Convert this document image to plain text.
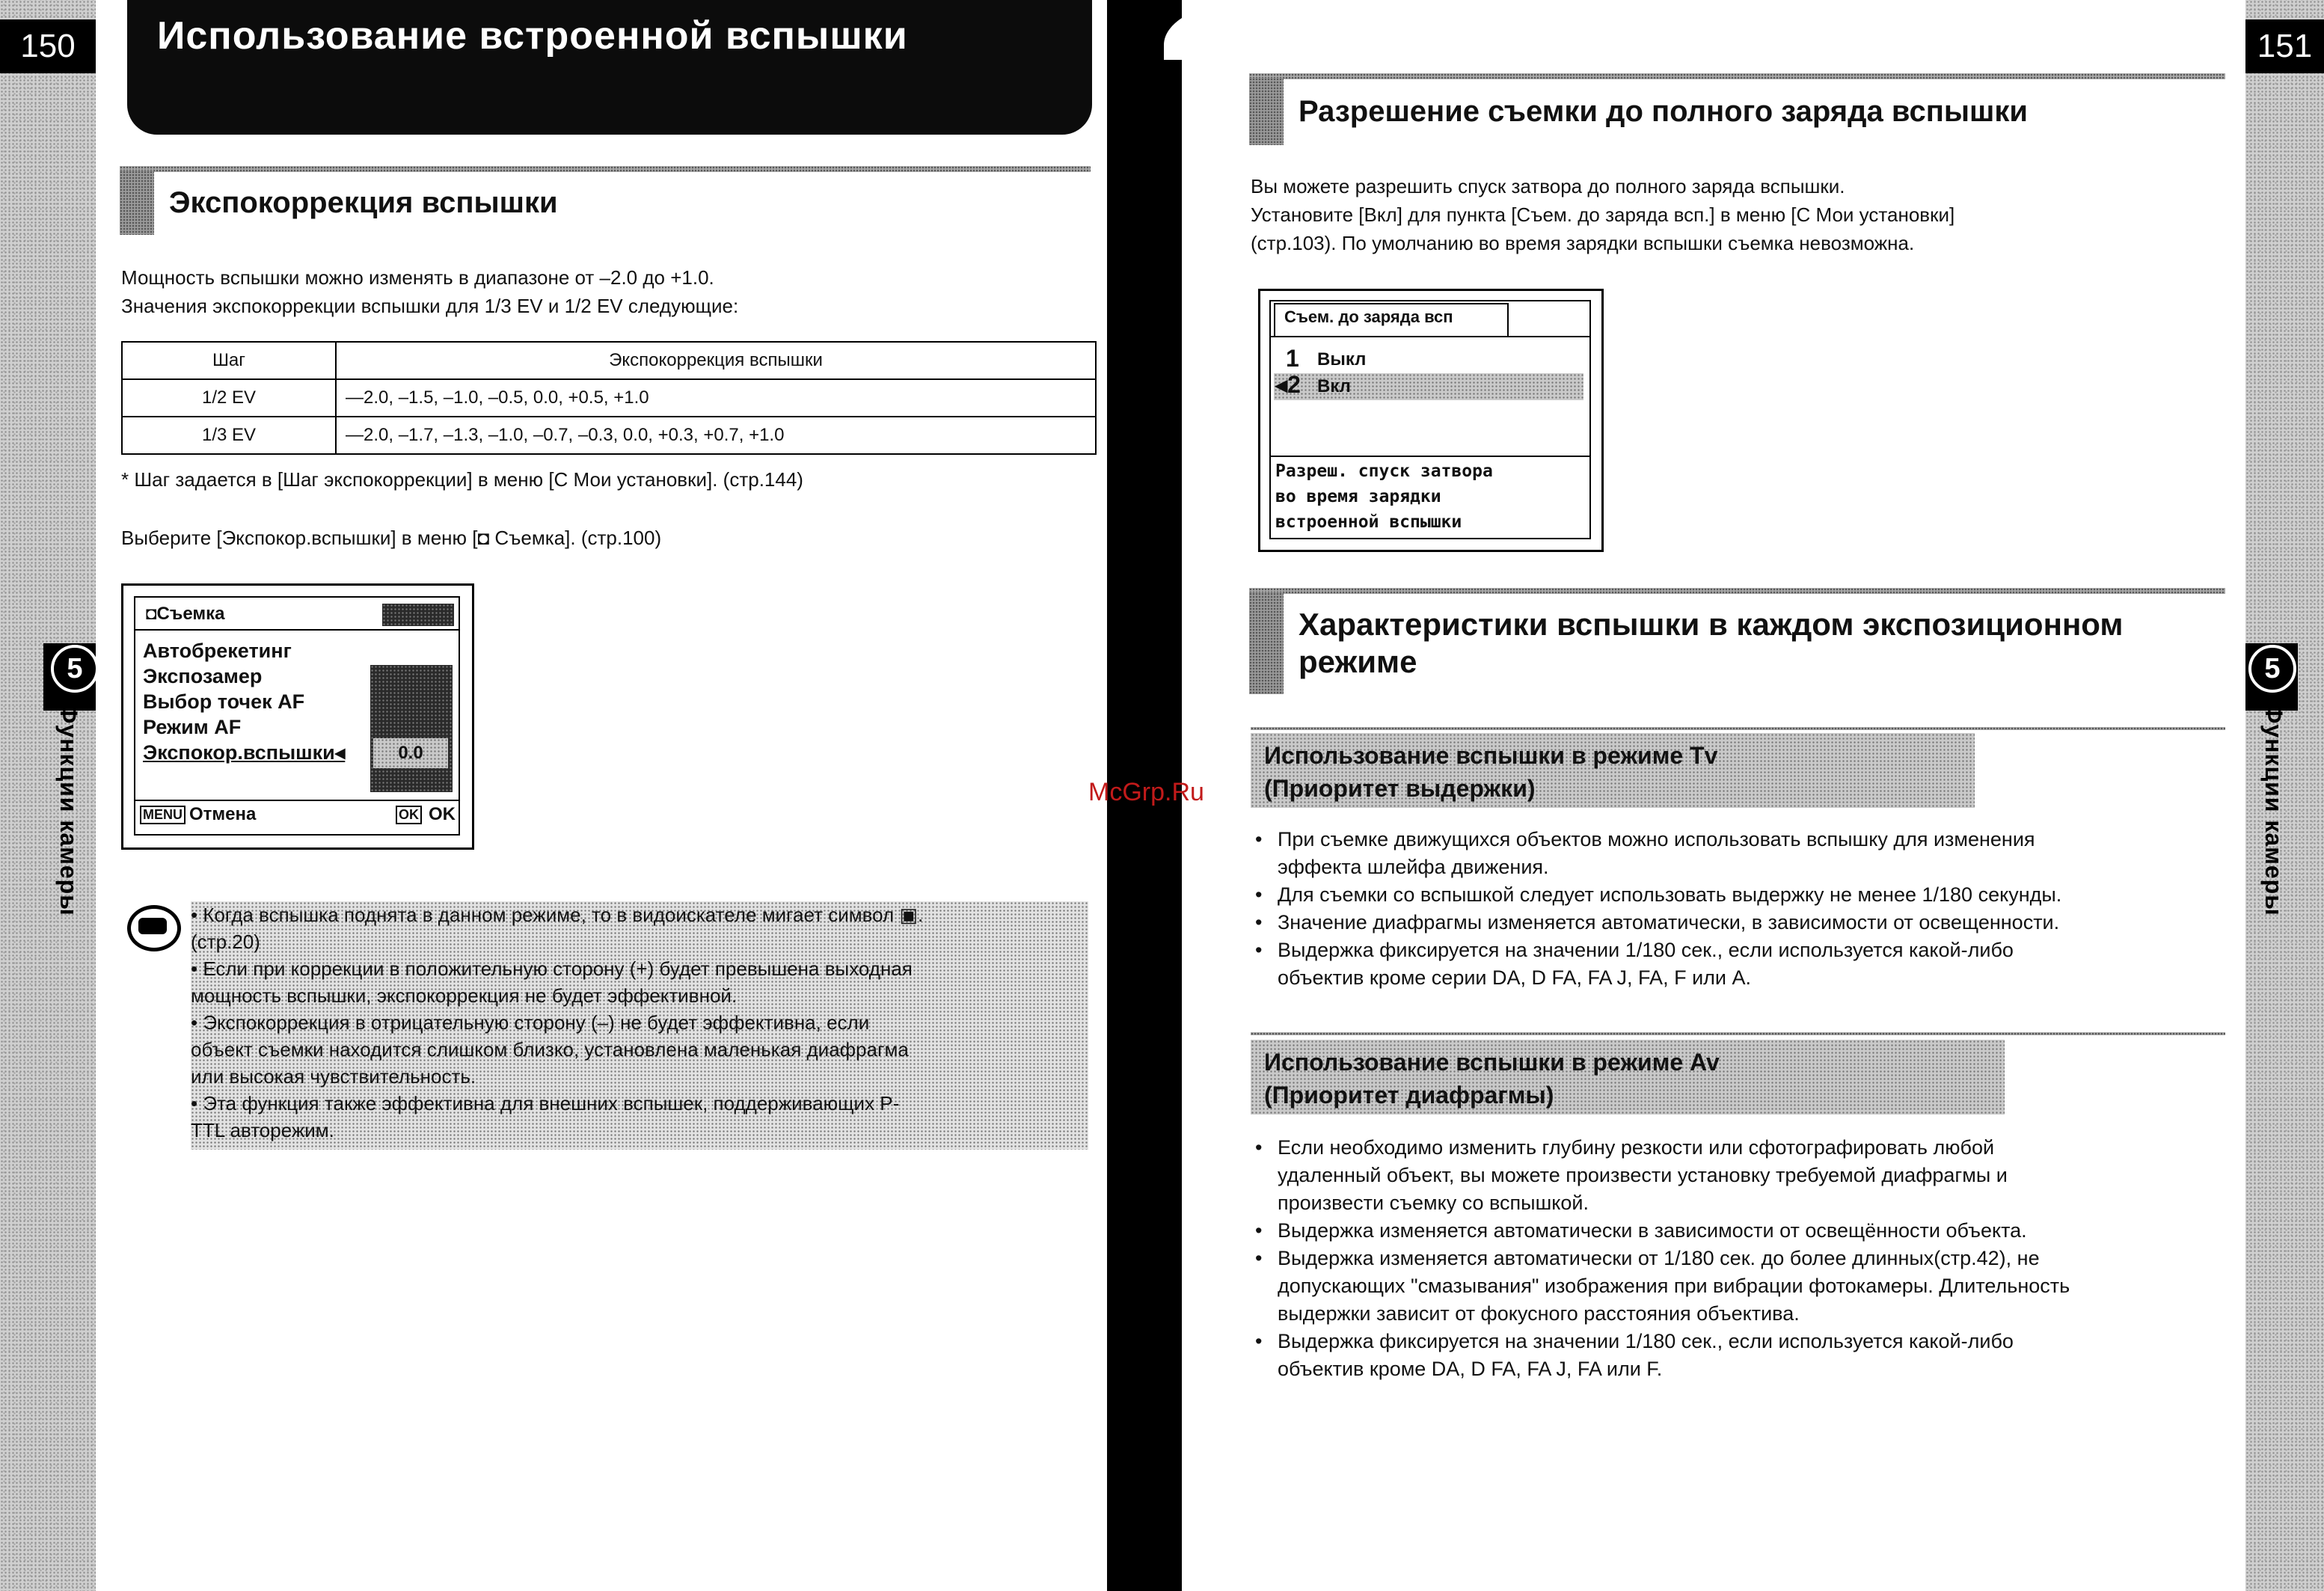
150
5
Функции камеры
Использование встроенной вспышки
Экспокоррекция вспышки
Мощность вспышки можно изменять в диапазоне от –2.0 до +1.0.
Значения экспокоррекции вспышки для 1/3 EV и 1/2 EV следующие:
Шаг	Экспокоррекция вспышки
1/2 EV	—2.0, –1.5, –1.0, –0.5, 0.0, +0.5, +1.0
1/3 EV	—2.0, –1.7, –1.3, –1.0, –0.7, –0.3, 0.0, +0.3, +0.7, +1.0
* Шаг задается в [Шаг экспокоррекции] в меню [C Мои установки]. (стр.144)
Выберите [Экспокор.вспышки] в меню [◘ Съемка]. (стр.100)
◘Съемка
Автобрекетинг
Экспозамер
Выбор точек AF
Режим AF
Экспокор.вспышки◂	0.0
MENU Отмена	OK OK
• Когда вспышка поднята в данном режиме, то в видоискателе мигает символ ▣.
(стр.20)
• Если при коррекции в положительную сторону (+) будет превышена выходная
мощность вспышки, экспокоррекция не будет эффективной.
• Экспокоррекция в отрицательную сторону (–) не будет эффективна, если
объект съемки находится слишком близко, установлена маленькая диафрагма
или высокая чувствительность.
• Эта функция также эффективна для внешних вспышек, поддерживающих P-
TTL авторежим.
151
5
Функции камеры
Разрешение съемки до полного заряда вспышки
Вы можете разрешить спуск затвора до полного заряда вспышки.
Установите [Вкл] для пункта [Съем. до заряда всп.] в меню [C Мои установки]
(стр.103). По умолчанию во время зарядки вспышки съемка невозможна.
Съем. до заряда всп
1 Выкл
◂2 Вкл
Разреш. спуск затвора
во время зарядки
встроенной вспышки
Характеристики вспышки в каждом экспозиционном
режиме
Использование вспышки в режиме Tv
(Приоритет выдержки)
• При съемке движущихся объектов можно использовать вспышку для изменения
эффекта шлейфа движения.
• Для съемки со вспышкой следует использовать выдержку не менее 1/180 секунды.
• Значение диафрагмы изменяется автоматически, в зависимости от освещенности.
• Выдержка фиксируется на значении 1/180 сек., если используется какой-либо
объектив кроме серии DA, D FA, FA J, FA, F или A.
Использование вспышки в режиме Av
(Приоритет диафрагмы)
• Если необходимо изменить глубину резкости или сфотографировать любой
удаленный объект, вы можете произвести установку требуемой диафрагмы и
произвести съемку со вспышкой.
• Выдержка изменяется автоматически в зависимости от освещённости объекта.
• Выдержка изменяется автоматически от 1/180 сек. до более длинных(стр.42), не
допускающих "смазывания" изображения при вибрации фотокамеры. Длительность
выдержки зависит от фокусного расстояния объектива.
• Выдержка фиксируется на значении 1/180 сек., если используется какой-либо
объектив кроме DA, D FA, FA J, FA или F.
McGrp.Ru
